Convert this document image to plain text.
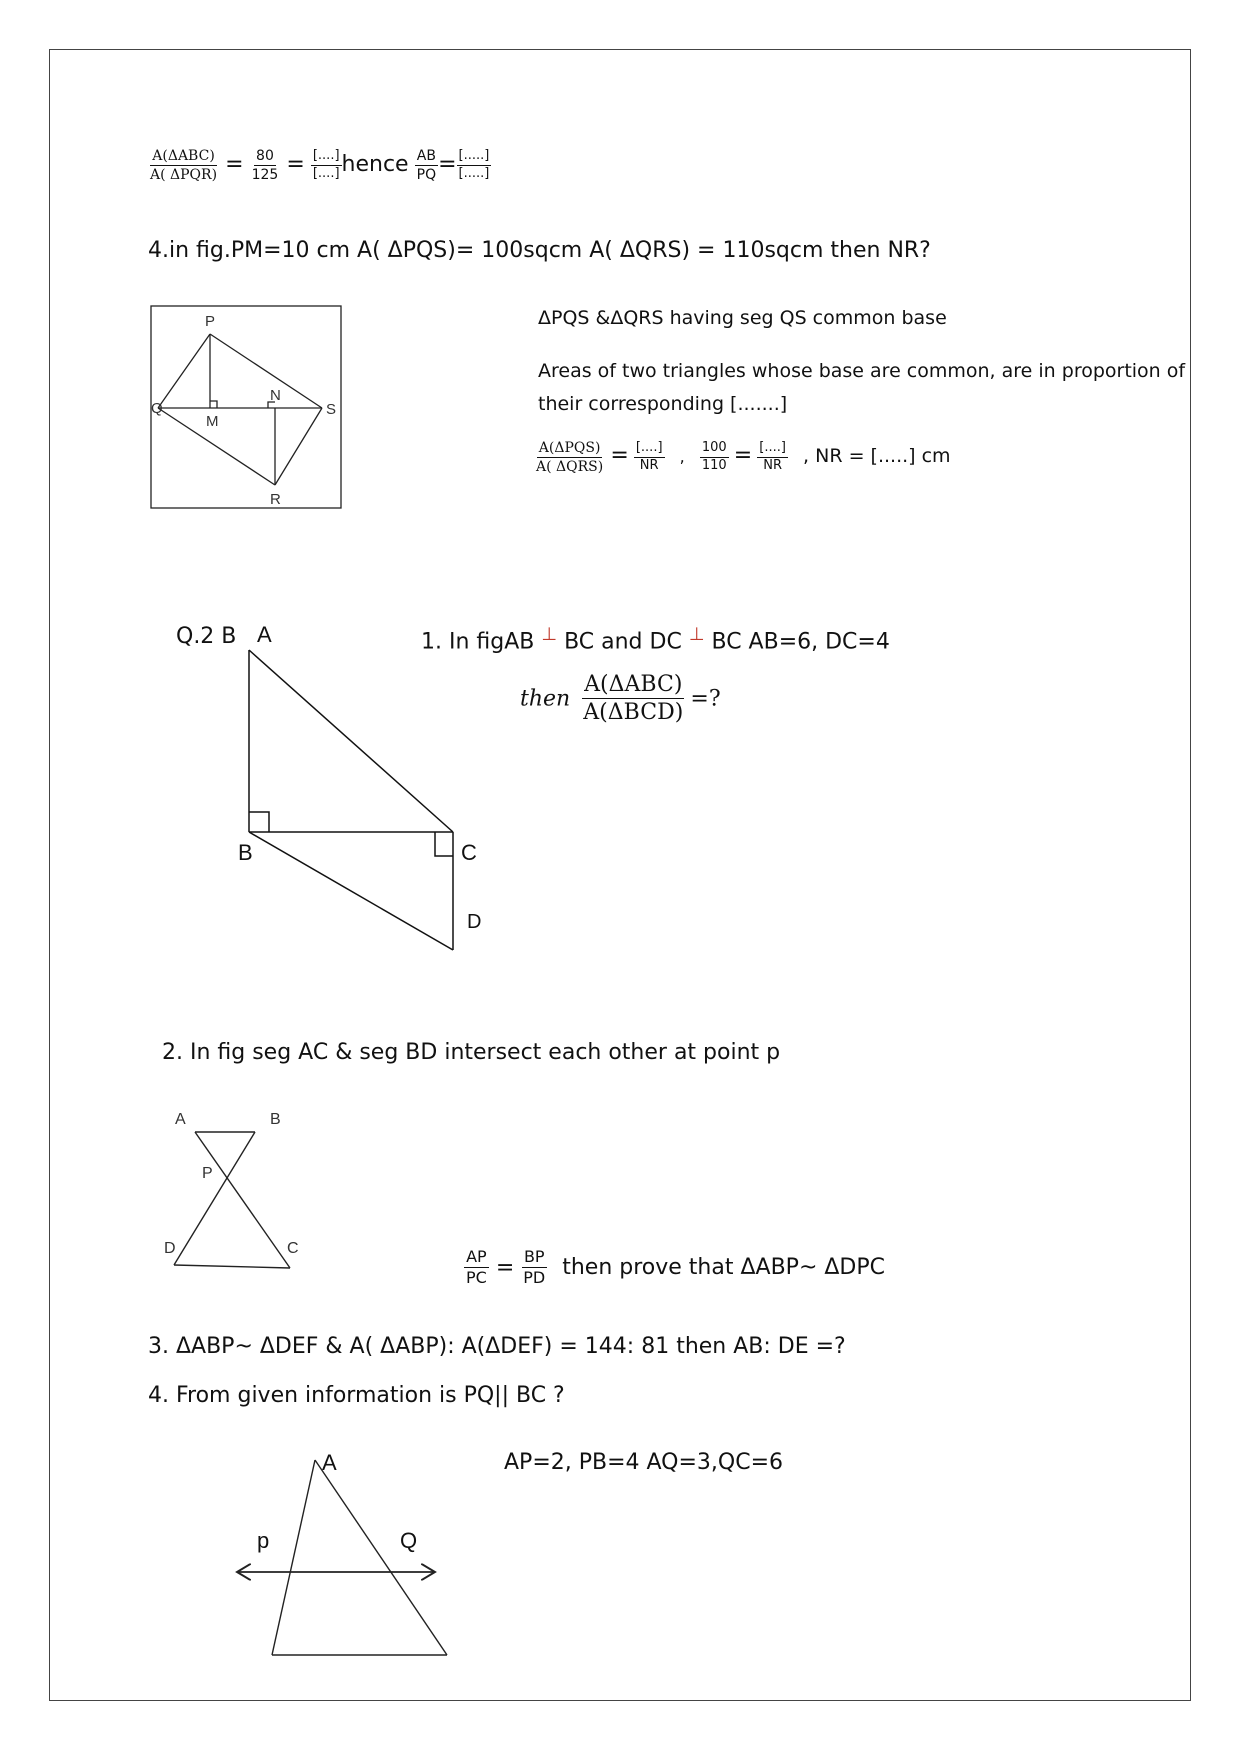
$\frac{\text{A(ΔABC)}}{\text{A( ΔPQR)}} = \frac{80}{125} = \frac{[....]}{[....]}$ hence $\frac{AB}{PQ} = \frac{[.....]}{[.....]}$
4.in fig.PM=10 cm A( ΔPQS)= 100sqcm A( ΔQRS) = 110sqcm then NR?
P
Q
M
N
S
R
ΔPQS &ΔQRS having seg QS common base
Areas of two triangles whose base are common, are in proportion of
their corresponding [.......]
$\frac{\text{A(ΔPQS)}}{\text{A( ΔQRS)}} = \frac{[....]}{NR}$ , $\frac{100}{110} = \frac{[....]}{NR}$ , NR = [.....] cm
Q.2 B A
B	C
D
1. In figAB ⊥ BC and DC ⊥ BC AB=6, DC=4
then $\frac{\text{A(ΔABC)}}{\text{A(ΔBCD)}}$ =?
2. In fig seg AC & seg BD intersect each other at point p
A	B
P
D	C	$\frac{AP}{PC} = \frac{BP}{PD}$ then prove that ΔABP~ ΔDPC
3. ΔABP~ ΔDEF & A( ΔABP): A(ΔDEF) = 144: 81 then AB: DE =?
4. From given information is PQ|| BC ?
AP=2, PB=4 AQ=3,QC=6
A
p	Q
